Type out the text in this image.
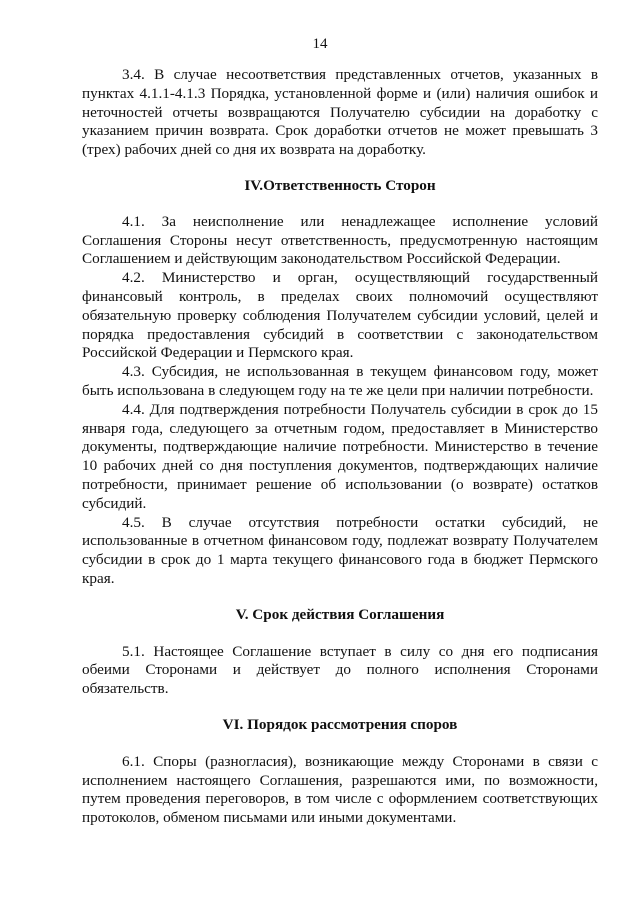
14

3.4. В случае несоответствия представленных отчетов, указанных в пунктах 4.1.1-4.1.3 Порядка, установленной форме и (или) наличия ошибок и неточностей отчеты возвращаются Получателю субсидии на доработку с указанием причин возврата. Срок доработки отчетов не может превышать 3 (трех) рабочих дней со дня их возврата на доработку.

IV.Ответственность Сторон

4.1. За неисполнение или ненадлежащее исполнение условий Соглашения Стороны несут ответственность, предусмотренную настоящим Соглашением и действующим законодательством Российской Федерации.

4.2. Министерство и орган, осуществляющий государственный финансовый контроль, в пределах своих полномочий осуществляют обязательную проверку соблюдения Получателем субсидии условий, целей и порядка предоставления субсидий в соответствии с законодательством Российской Федерации и Пермского края.

4.3. Субсидия, не использованная в текущем финансовом году, может быть использована в следующем году на те же цели при наличии потребности.

4.4. Для подтверждения потребности Получатель субсидии в срок до 15 января года, следующего за отчетным годом, предоставляет в Министерство документы, подтверждающие наличие потребности. Министерство в течение 10 рабочих дней со дня поступления документов, подтверждающих наличие потребности, принимает решение об использовании (о возврате) остатков субсидий.

4.5. В случае отсутствия потребности остатки субсидий, не использованные в отчетном финансовом году, подлежат возврату Получателем субсидии в срок до 1 марта текущего финансового года в бюджет Пермского края.

V. Срок действия Соглашения

5.1. Настоящее Соглашение вступает в силу со дня его подписания обеими Сторонами и действует до полного исполнения Сторонами обязательств.

VI. Порядок рассмотрения споров

6.1. Споры (разногласия), возникающие между Сторонами в связи с исполнением настоящего Соглашения, разрешаются ими, по возможности, путем проведения переговоров, в том числе с оформлением соответствующих протоколов, обменом письмами или иными документами.
